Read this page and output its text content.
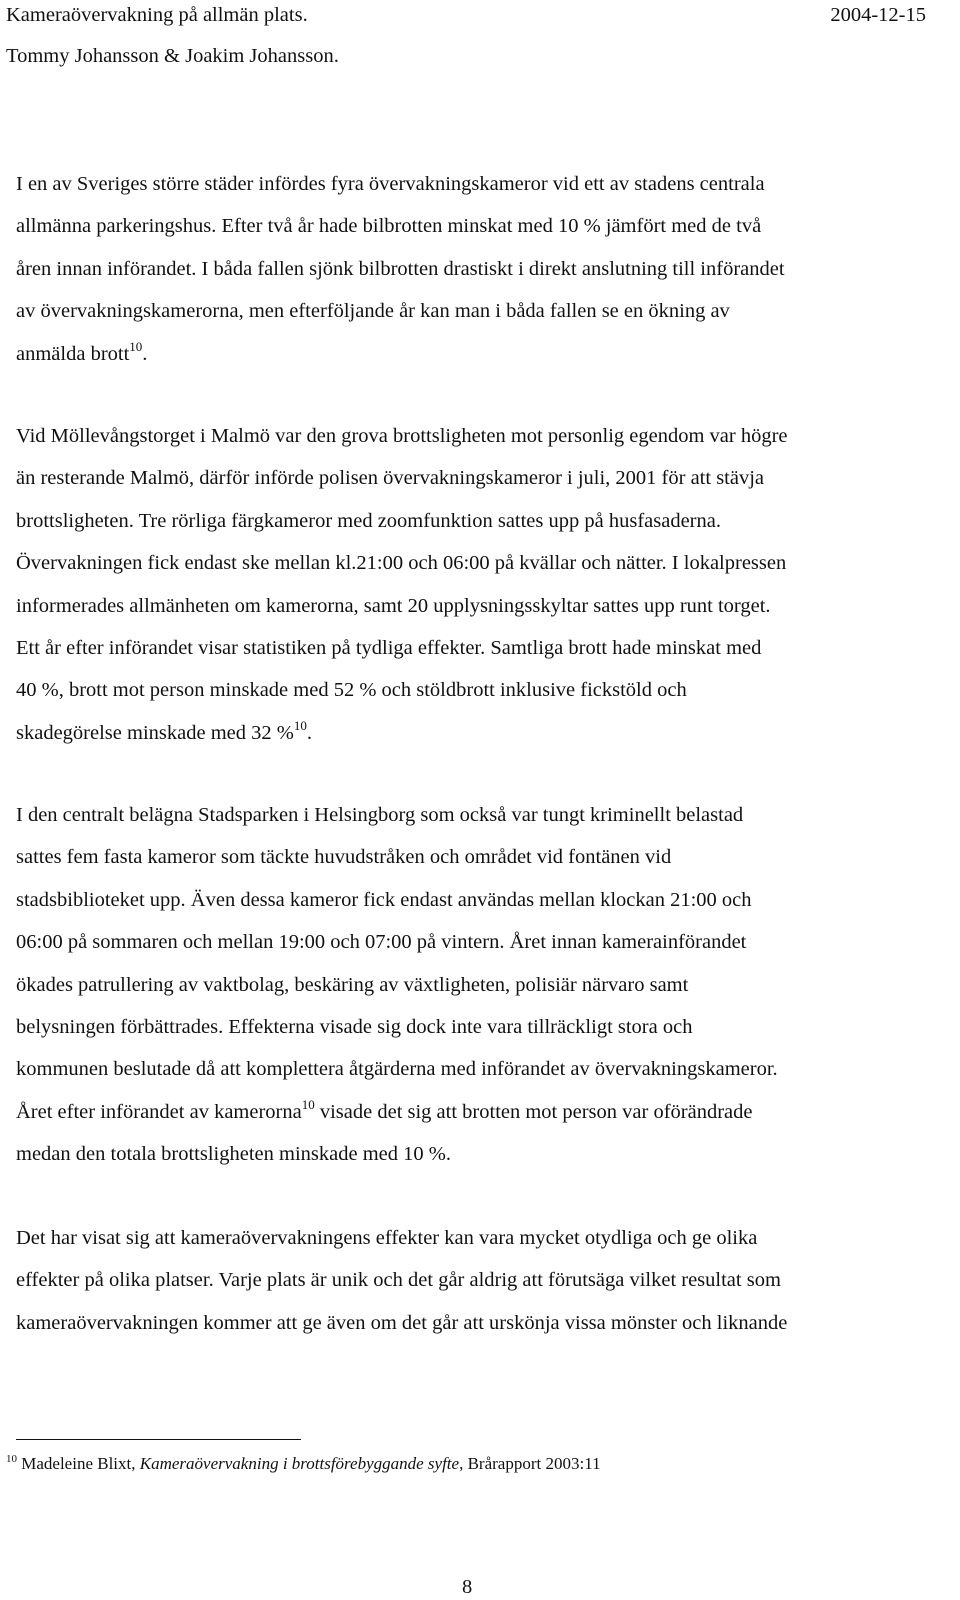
Kameraövervakning på allmän plats.	2004-12-15
Tommy Johansson & Joakim Johansson.
I en av Sveriges större städer infördes fyra övervakningskameror vid ett av stadens centrala
allmänna parkeringshus. Efter två år hade bilbrotten minskat med 10 % jämfört med de två
åren innan införandet. I båda fallen sjönk bilbrotten drastiskt i direkt anslutning till införandet
av övervakningskamerorna, men efterföljande år kan man i båda fallen se en ökning av
anmälda brott$^{10}$.
Vid Möllevångstorget i Malmö var den grova brottsligheten mot personlig egendom var högre
än resterande Malmö, därför införde polisen övervakningskameror i juli, 2001 för att stävja
brottsligheten. Tre rörliga färgkameror med zoomfunktion sattes upp på husfasaderna.
Övervakningen fick endast ske mellan kl.21:00 och 06:00 på kvällar och nätter. I lokalpressen
informerades allmänheten om kamerorna, samt 20 upplysningsskyltar sattes upp runt torget.
Ett år efter införandet visar statistiken på tydliga effekter. Samtliga brott hade minskat med
40 %, brott mot person minskade med 52 % och stöldbrott inklusive fickstöld och
skadegörelse minskade med 32 %$^{10}$.
I den centralt belägna Stadsparken i Helsingborg som också var tungt kriminellt belastad
sattes fem fasta kameror som täckte huvudstråken och området vid fontänen vid
stadsbiblioteket upp. Även dessa kameror fick endast användas mellan klockan 21:00 och
06:00 på sommaren och mellan 19:00 och 07:00 på vintern. Året innan kamerainförandet
ökades patrullering av vaktbolag, beskäring av växtligheten, polisiär närvaro samt
belysningen förbättrades. Effekterna visade sig dock inte vara tillräckligt stora och
kommunen beslutade då att komplettera åtgärderna med införandet av övervakningskameror.
Året efter införandet av kamerorna$^{10}$ visade det sig att brotten mot person var oförändrade
medan den totala brottsligheten minskade med 10 %.
Det har visat sig att kameraövervakningens effekter kan vara mycket otydliga och ge olika
effekter på olika platser. Varje plats är unik och det går aldrig att förutsäga vilket resultat som
kameraövervakningen kommer att ge även om det går att urskönja vissa mönster och liknande
$^{10}$ Madeleine Blixt, Kameraövervakning i brottsförebyggande syfte, Brårapport 2003:11
8
